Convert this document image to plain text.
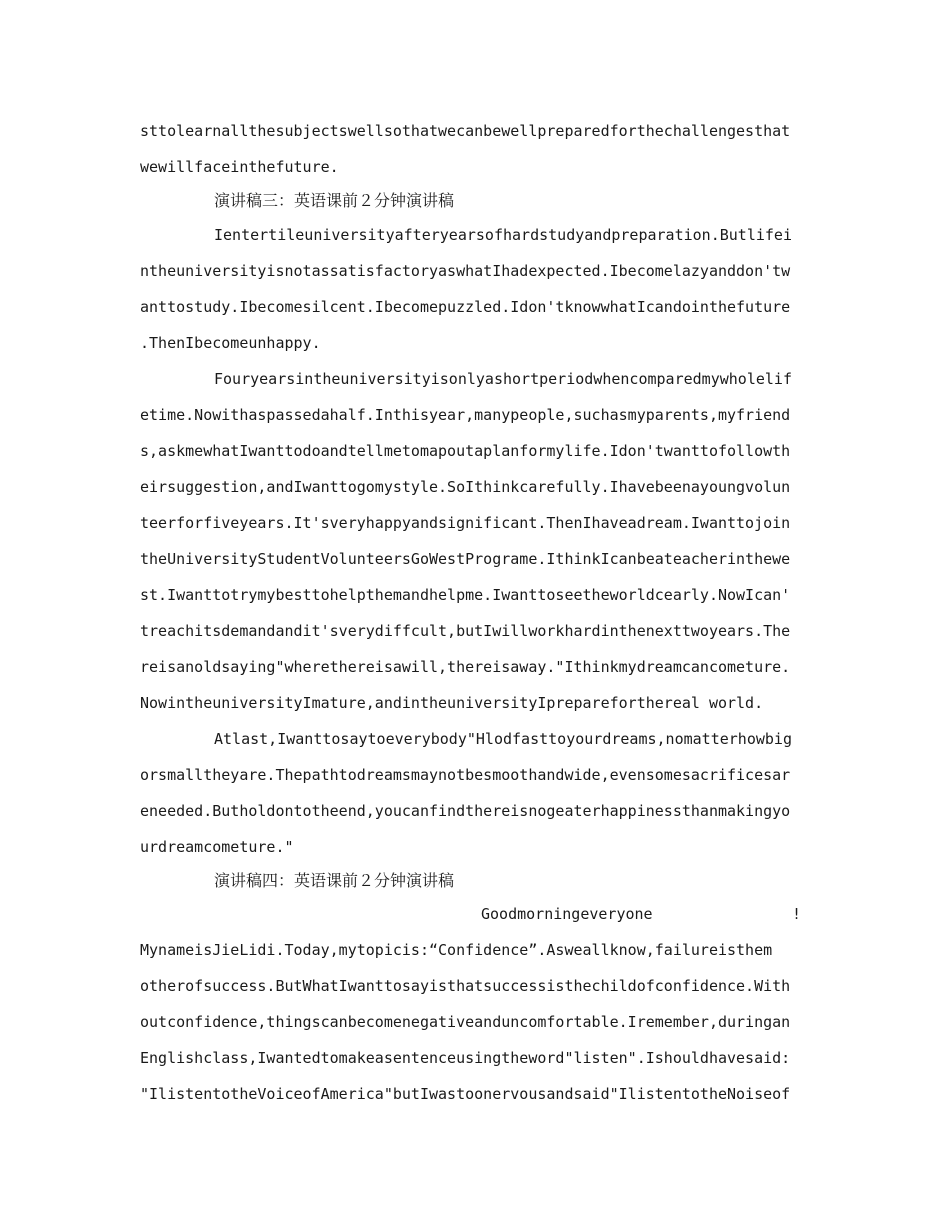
sttolearnallthesubjectswellsothatwecanbewellpreparedforthechallengesthat
wewillfaceinthefuture.
演讲稿三：英语课前２分钟演讲稿
Ientertileuniversityafteryearsofhardstudyandpreparation.Butlifei
ntheuniversityisnotassatisfactoryaswhatIhadexpected.Ibecomelazyanddon'tw
anttostudy.Ibecomesilcent.Ibecomepuzzled.Idon'tknowwhatIcandointhefuture
.ThenIbecomeunhappy.
Fouryearsintheuniversityisonlyashortperiodwhencomparedmywholelif
etime.Nowithaspassedahalf.Inthisyear,manypeople,suchasmyparents,myfriend
s,askmewhatIwanttodoandtellmetomapoutaplanformylife.Idon'twanttofollowth
eirsuggestion,andIwanttogomystyle.SoIthinkcarefully.Ihavebeenayoungvolun
teerforfiveyears.It'sveryhappyandsignificant.ThenIhaveadream.Iwanttojoin
theUniversityStudentVolunteersGoWestPrograme.IthinkIcanbeateacherinthewe
st.Iwanttotrymybesttohelpthemandhelpme.Iwanttoseetheworldcearly.NowIcan'
treachitsdemandandit'sverydiffcult,butIwillworkhardinthenexttwoyears.The
reisanoldsaying"wherethereisawill,thereisaway."Ithinkmydreamcancometure.
NowintheuniversityImature,andintheuniversityIprepareforthereal world.
Atlast,Iwanttosaytoeverybody"Hlodfasttoyourdreams,nomatterhowbig
orsmalltheyare.Thepathtodreamsmaynotbesmoothandwide,evensomesacrificesar
eneeded.Butholdontotheend,youcanfindthereisnogeaterhappinessthanmakingyo
urdreamcometure."
演讲稿四：英语课前２分钟演讲稿
Goodmorningeveryone	!
MynameisJieLidi.Today,mytopicis:“Confidence”.Asweallknow,failureisthem
otherofsuccess.ButWhatIwanttosayisthatsuccessisthechildofconfidence.With
outconfidence,thingscanbecomenegativeanduncomfortable.Iremember,duringan
Englishclass,Iwantedtomakeasentenceusingtheword"listen".Ishouldhavesaid:
"IlistentotheVoiceofAmerica"butIwastoonervousandsaid"IlistentotheNoiseof
